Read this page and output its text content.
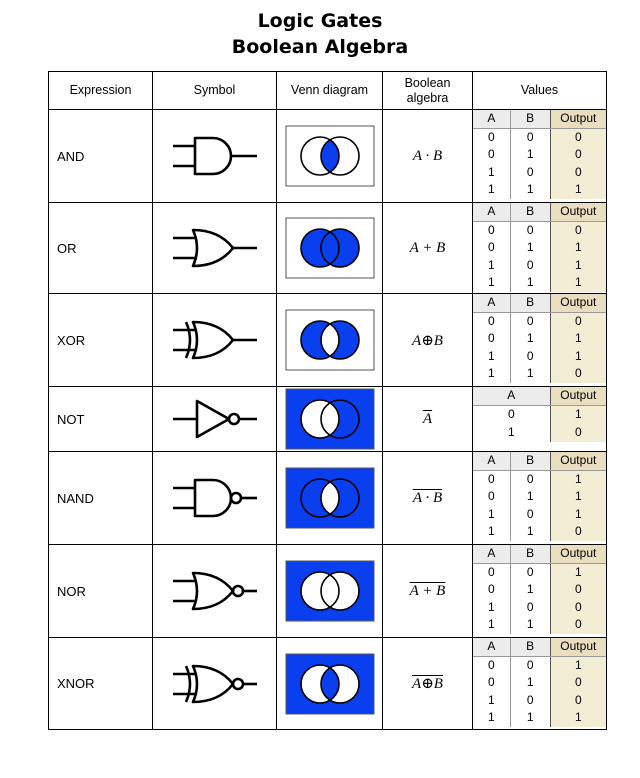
Logic Gates
Boolean Algebra
Expression	Symbol	Venn diagram	Boolean algebra	Values
AND			A · B	
A	B	Output
0	0	0
0	1	0
1	0	0
1	1	1

OR			A + B	
A	B	Output
0	0	0
0	1	1
1	0	1
1	1	1

XOR			A⊕B	
A	B	Output
0	0	0
0	1	1
1	0	1
1	1	0

NOT			$\overline{A}$	
A	Output
0	1
1	0

NAND			A · B	
A	B	Output
0	0	1
0	1	1
1	0	1
1	1	0

NOR			A + B	
A	B	Output
0	0	1
0	1	0
1	0	0
1	1	0

XNOR			A⊕B	
A	B	Output
0	0	1
0	1	0
1	0	0
1	1	1
